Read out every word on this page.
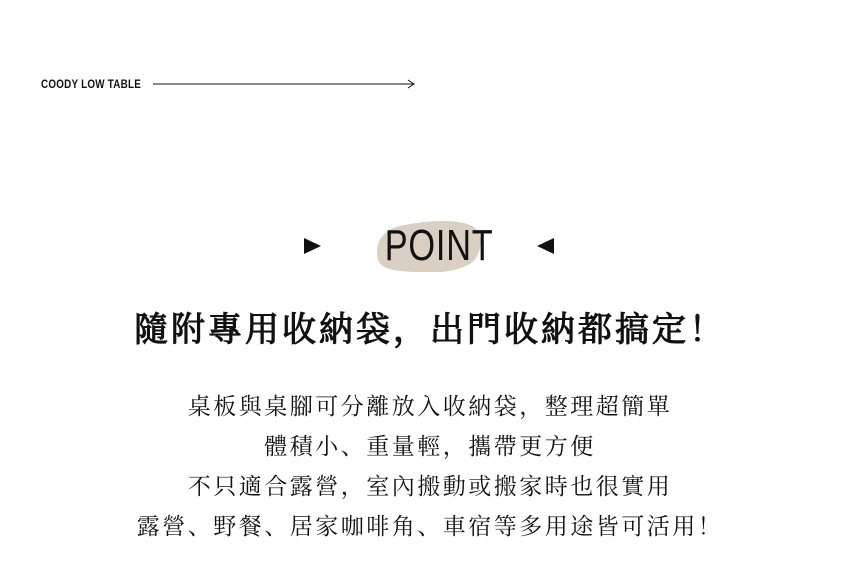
COODY LOW TABLE
POINT
隨附專用收納袋，出門收納都搞定！
桌板與桌腳可分離放入收納袋，整理超簡單
體積小、重量輕，攜帶更方便
不只適合露營，室內搬動或搬家時也很實用
露營、野餐、居家咖啡角、車宿等多用途皆可活用！
